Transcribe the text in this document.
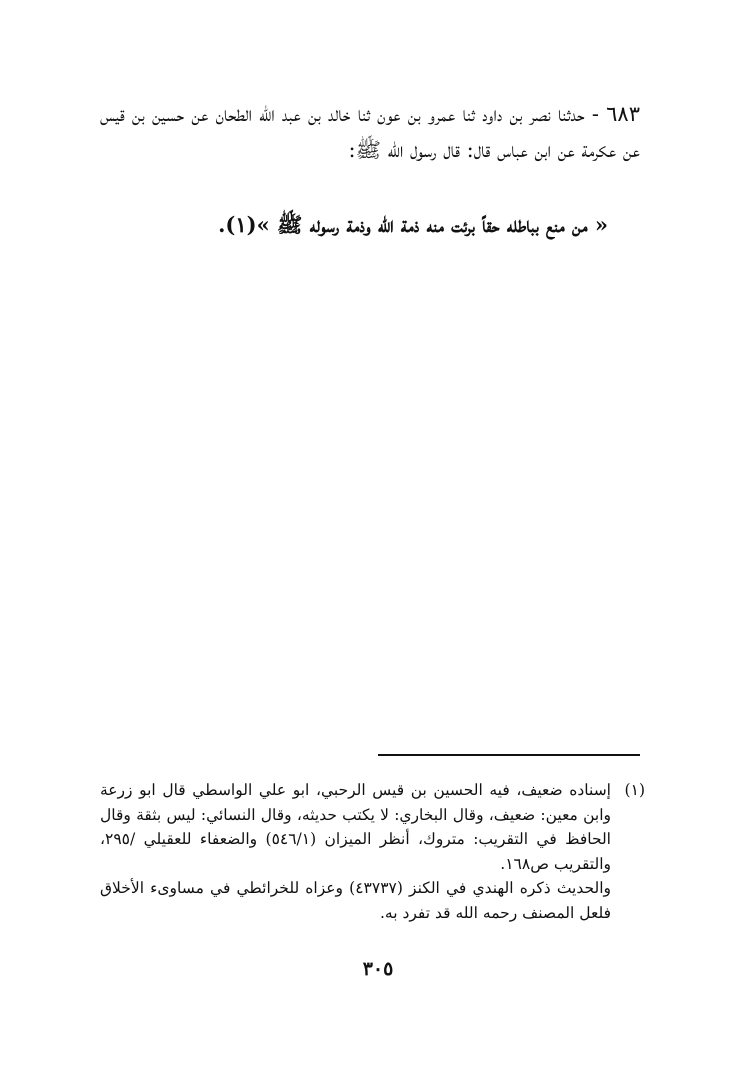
٦٨٣ - حدثنا نصر بن داود ثنا عمرو بن عون ثنا خالد بن عبد الله الطحان عن حسين بن قيس عن عكرمة عن ابن عباس قال: قال رسول الله ﷺ:

« من منع بباطله حقاً برئت منه ذمة الله وذمة رسوله ﷺ »(١).
(١)

إسناده ضعيف، فيه الحسين بن قيس الرحبي، ابو علي الواسطي قال ابو زرعة وابن معين: ضعيف، وقال البخاري: لا يكتب حديثه، وقال النسائي: ليس بثقة وقال الحافظ في التقريب: متروك، أنظر الميزان (٥٤٦/١) والضعفاء للعقيلي /٢٩٥، والتقريب ص١٦٨.

والحديث ذكره الهندي في الكنز (٤٣٧٣٧) وعزاه للخرائطي في مساوىء الأخلاق فلعل المصنف رحمه الله قد تفرد به.

٣٠٥
